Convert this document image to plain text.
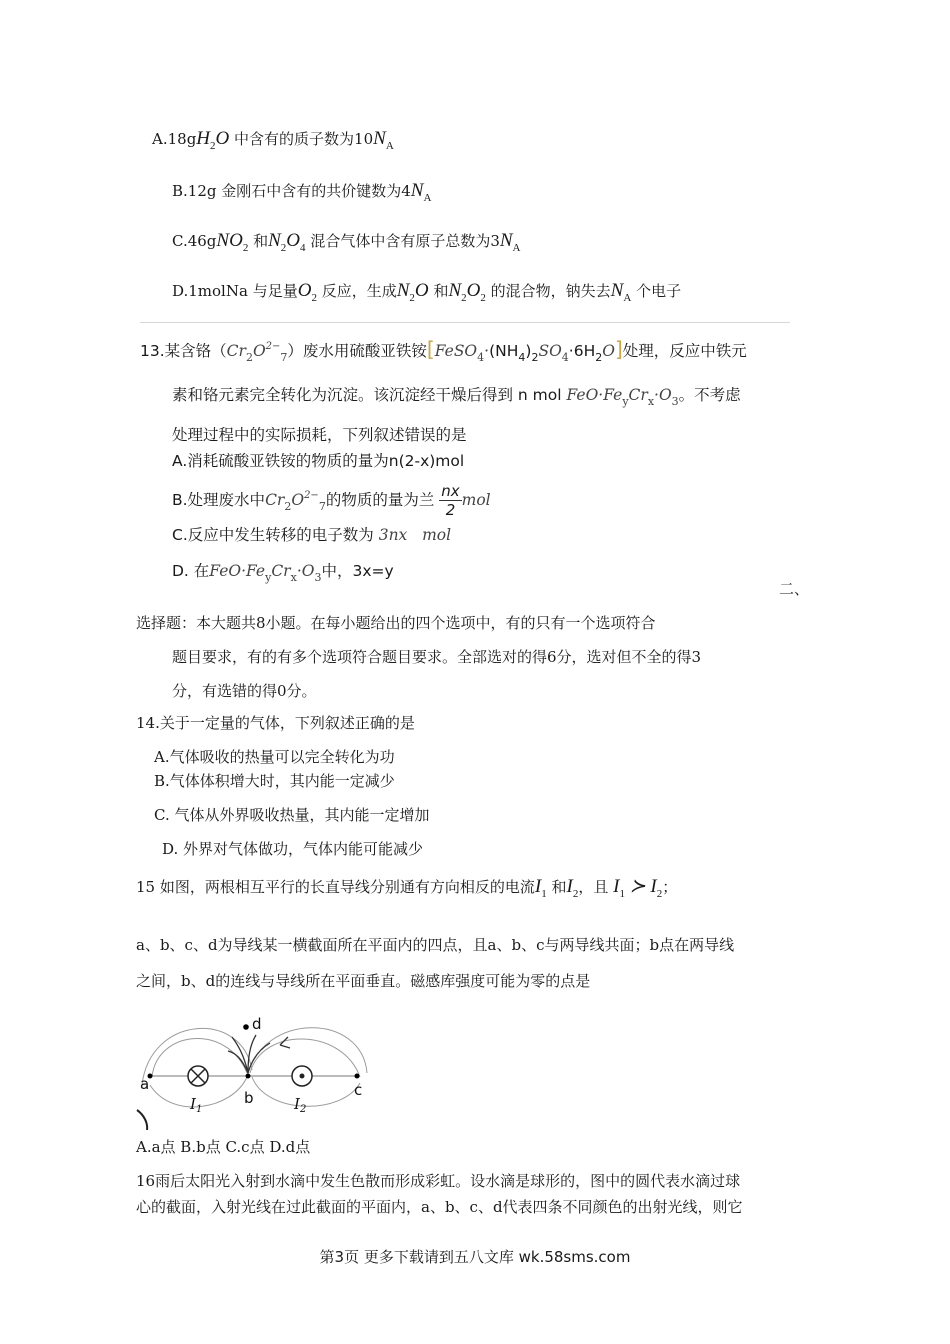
$A.18gH_2O$ 中含有的质子数为$10N_A$
B.12g 金刚石中含有的共价键数为$4N_A$
C.46gNO$_2$ 和$N_2O_4$ 混合气体中含有原子总数为$3N_A$
D.1molNa 与足量$O_2$ 反应，生成$N_2O$ 和$N_2O_2$ 的混合物，钠失去$N_A$ 个电子
13.某含铬$(Cr_2O^{2-}_7)$废水用硫酸亚铁铵$[FeSO_4\cdot(NH_4)_2SO_4\cdot 6H_2O]$处理，反应中铁元
素和铬元素完全转化为沉淀。该沉淀经干燥后得到 n mol $FeO\cdot Fe_yCr_x\cdot O_3$。不考虑
处理过程中的实际损耗，下列叙述错误的是
A.消耗硫酸亚铁铵的物质的量为n(2-x)mol
B.处理废水中$Cr_2O^{2-}_7$的物质的量为兰 $\frac{nx}{2}$ mol
C.反应中发生转移的电子数为 3nx   mol
D. 在$FeO\cdot Fe_yCr_x\cdot O_3$中，3x=y
二、
选择题：本大题共8小题。在每小题给出的四个选项中，有的只有一个选项符合
题目要求，有的有多个选项符合题目要求。全部选对的得6分，选对但不全的得3
分，有选错的得0分。
14.关于一定量的气体，下列叙述正确的是
A.气体吸收的热量可以完全转化为功
B.气体体积增大时，其内能一定减少
C. 气体从外界吸收热量，其内能一定增加
D. 外界对气体做功，气体内能可能减少
15 如图，两根相互平行的长直导线分别通有方向相反的电流$I_1$ 和$I_2$，且 $I_1$ ≻ $I_2$；
a、b、c、d为导线某一横截面所在平面内的四点，且a、b、c与两导线共面；b点在两导线
之间，b、d的连线与导线所在平面垂直。磁感库强度可能为零的点是
d
a
b	c
$I_1$	$I_2$
A.a点 B.b点 C.c点 D.d点
16雨后太阳光入射到水滴中发生色散而形成彩虹。设水滴是球形的，图中的圆代表水滴过球
心的截面，入射光线在过此截面的平面内，a、b、c、d代表四条不同颜色的出射光线，则它
第3页 更多下载请到五八文库 wk.58sms.com
